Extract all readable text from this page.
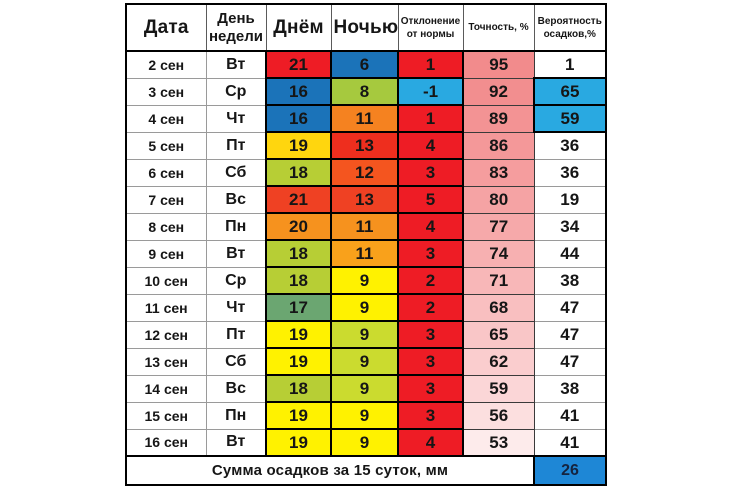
Дата	День недели	Днём	Ночью	Отклонение от нормы	Точность, %	Вероятность осадков,%
2 сен	Вт	21	6	1	95	1
3 сен	Ср	16	8	-1	92	65
4 сен	Чт	16	11	1	89	59
5 сен	Пт	19	13	4	86	36
6 сен	Сб	18	12	3	83	36
7 сен	Вс	21	13	5	80	19
8 сен	Пн	20	11	4	77	34
9 сен	Вт	18	11	3	74	44
10 сен	Ср	18	9	2	71	38
11 сен	Чт	17	9	2	68	47
12 сен	Пт	19	9	3	65	47
13 сен	Сб	19	9	3	62	47
14 сен	Вс	18	9	3	59	38
15 сен	Пн	19	9	3	56	41
16 сен	Вт	19	9	4	53	41
Сумма осадков за 15 суток, мм						26
